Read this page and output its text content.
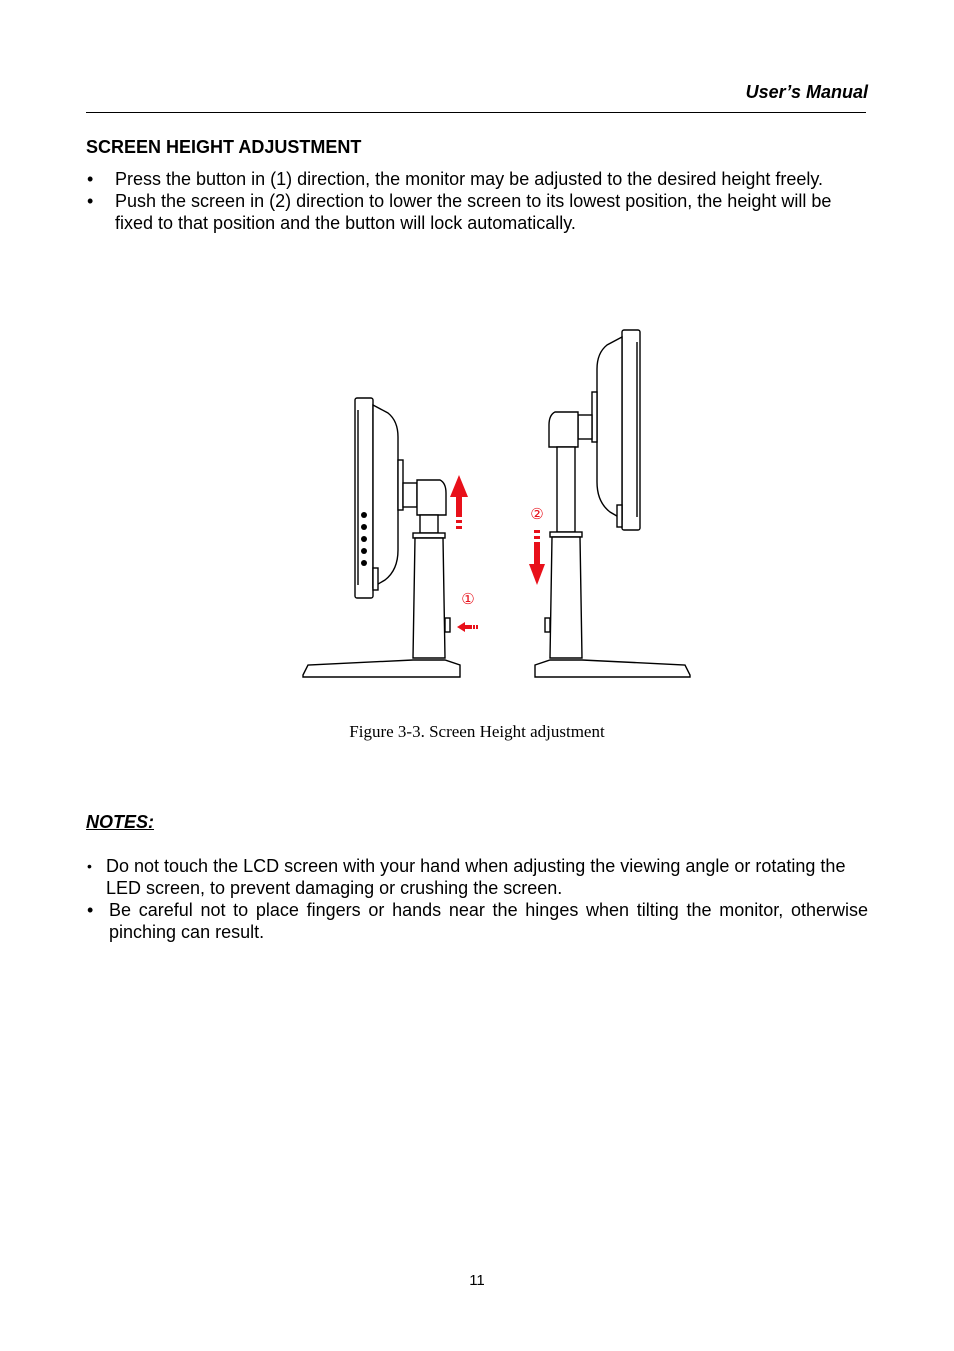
User’s Manual
SCREEN HEIGHT ADJUSTMENT
• Press the button in (1) direction, the monitor may be adjusted to the desired height freely.
• Push the screen in (2) direction to lower the screen to its lowest position, the height will be fixed to that position and the button will lock automatically.
①
②
Figure 3-3. Screen Height adjustment
NOTES:
• Do not touch the LCD screen with your hand when adjusting the viewing angle or rotating the LED screen, to prevent damaging or crushing the screen.
• Be careful not to place fingers or hands near the hinges when tilting the monitor, otherwise pinching can result.
11
